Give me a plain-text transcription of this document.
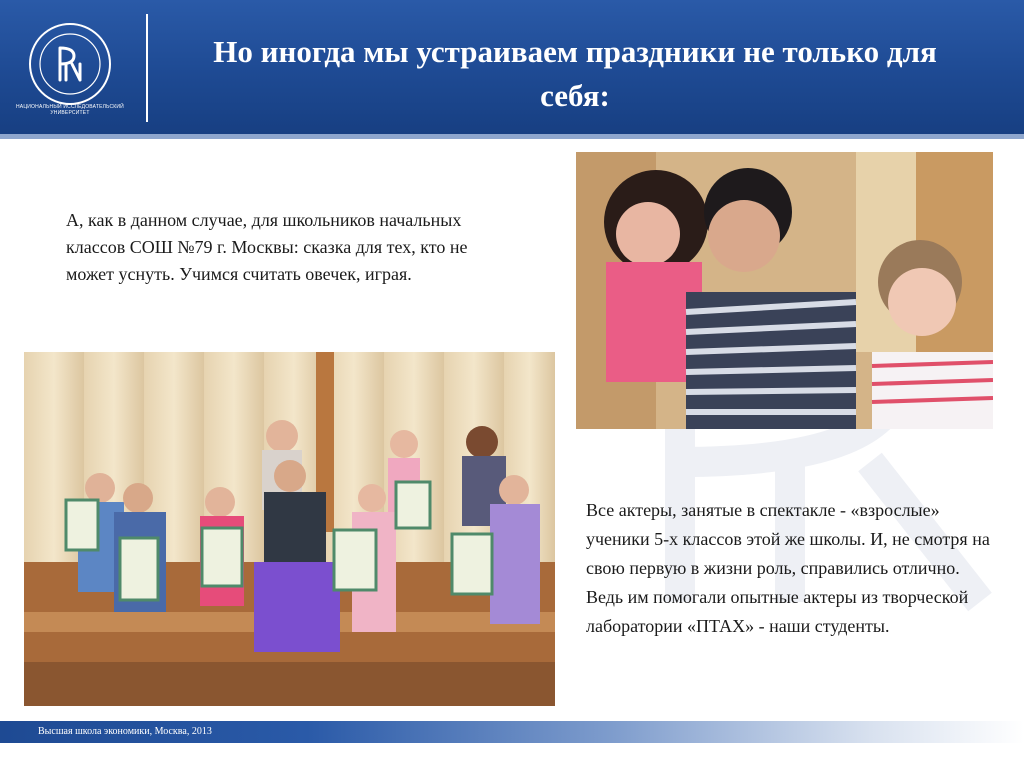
НАЦИОНАЛЬНЫЙ ИССЛЕДОВАТЕЛЬСКИЙ УНИВЕРСИТЕТ
Но иногда мы устраиваем праздники не только для себя:
А, как в данном случае, для школьников начальных классов СОШ №79 г. Москвы: сказка для тех, кто не может уснуть. Учимся считать овечек, играя.
Все актеры, занятые в спектакле - «взрослые» ученики 5-х классов этой же школы. И, не смотря на свою первую в жизни роль, справились отлично. Ведь им помогали опытные актеры из творческой лаборатории «ПТАХ» - наши студенты.
Высшая школа экономики, Москва, 2013
